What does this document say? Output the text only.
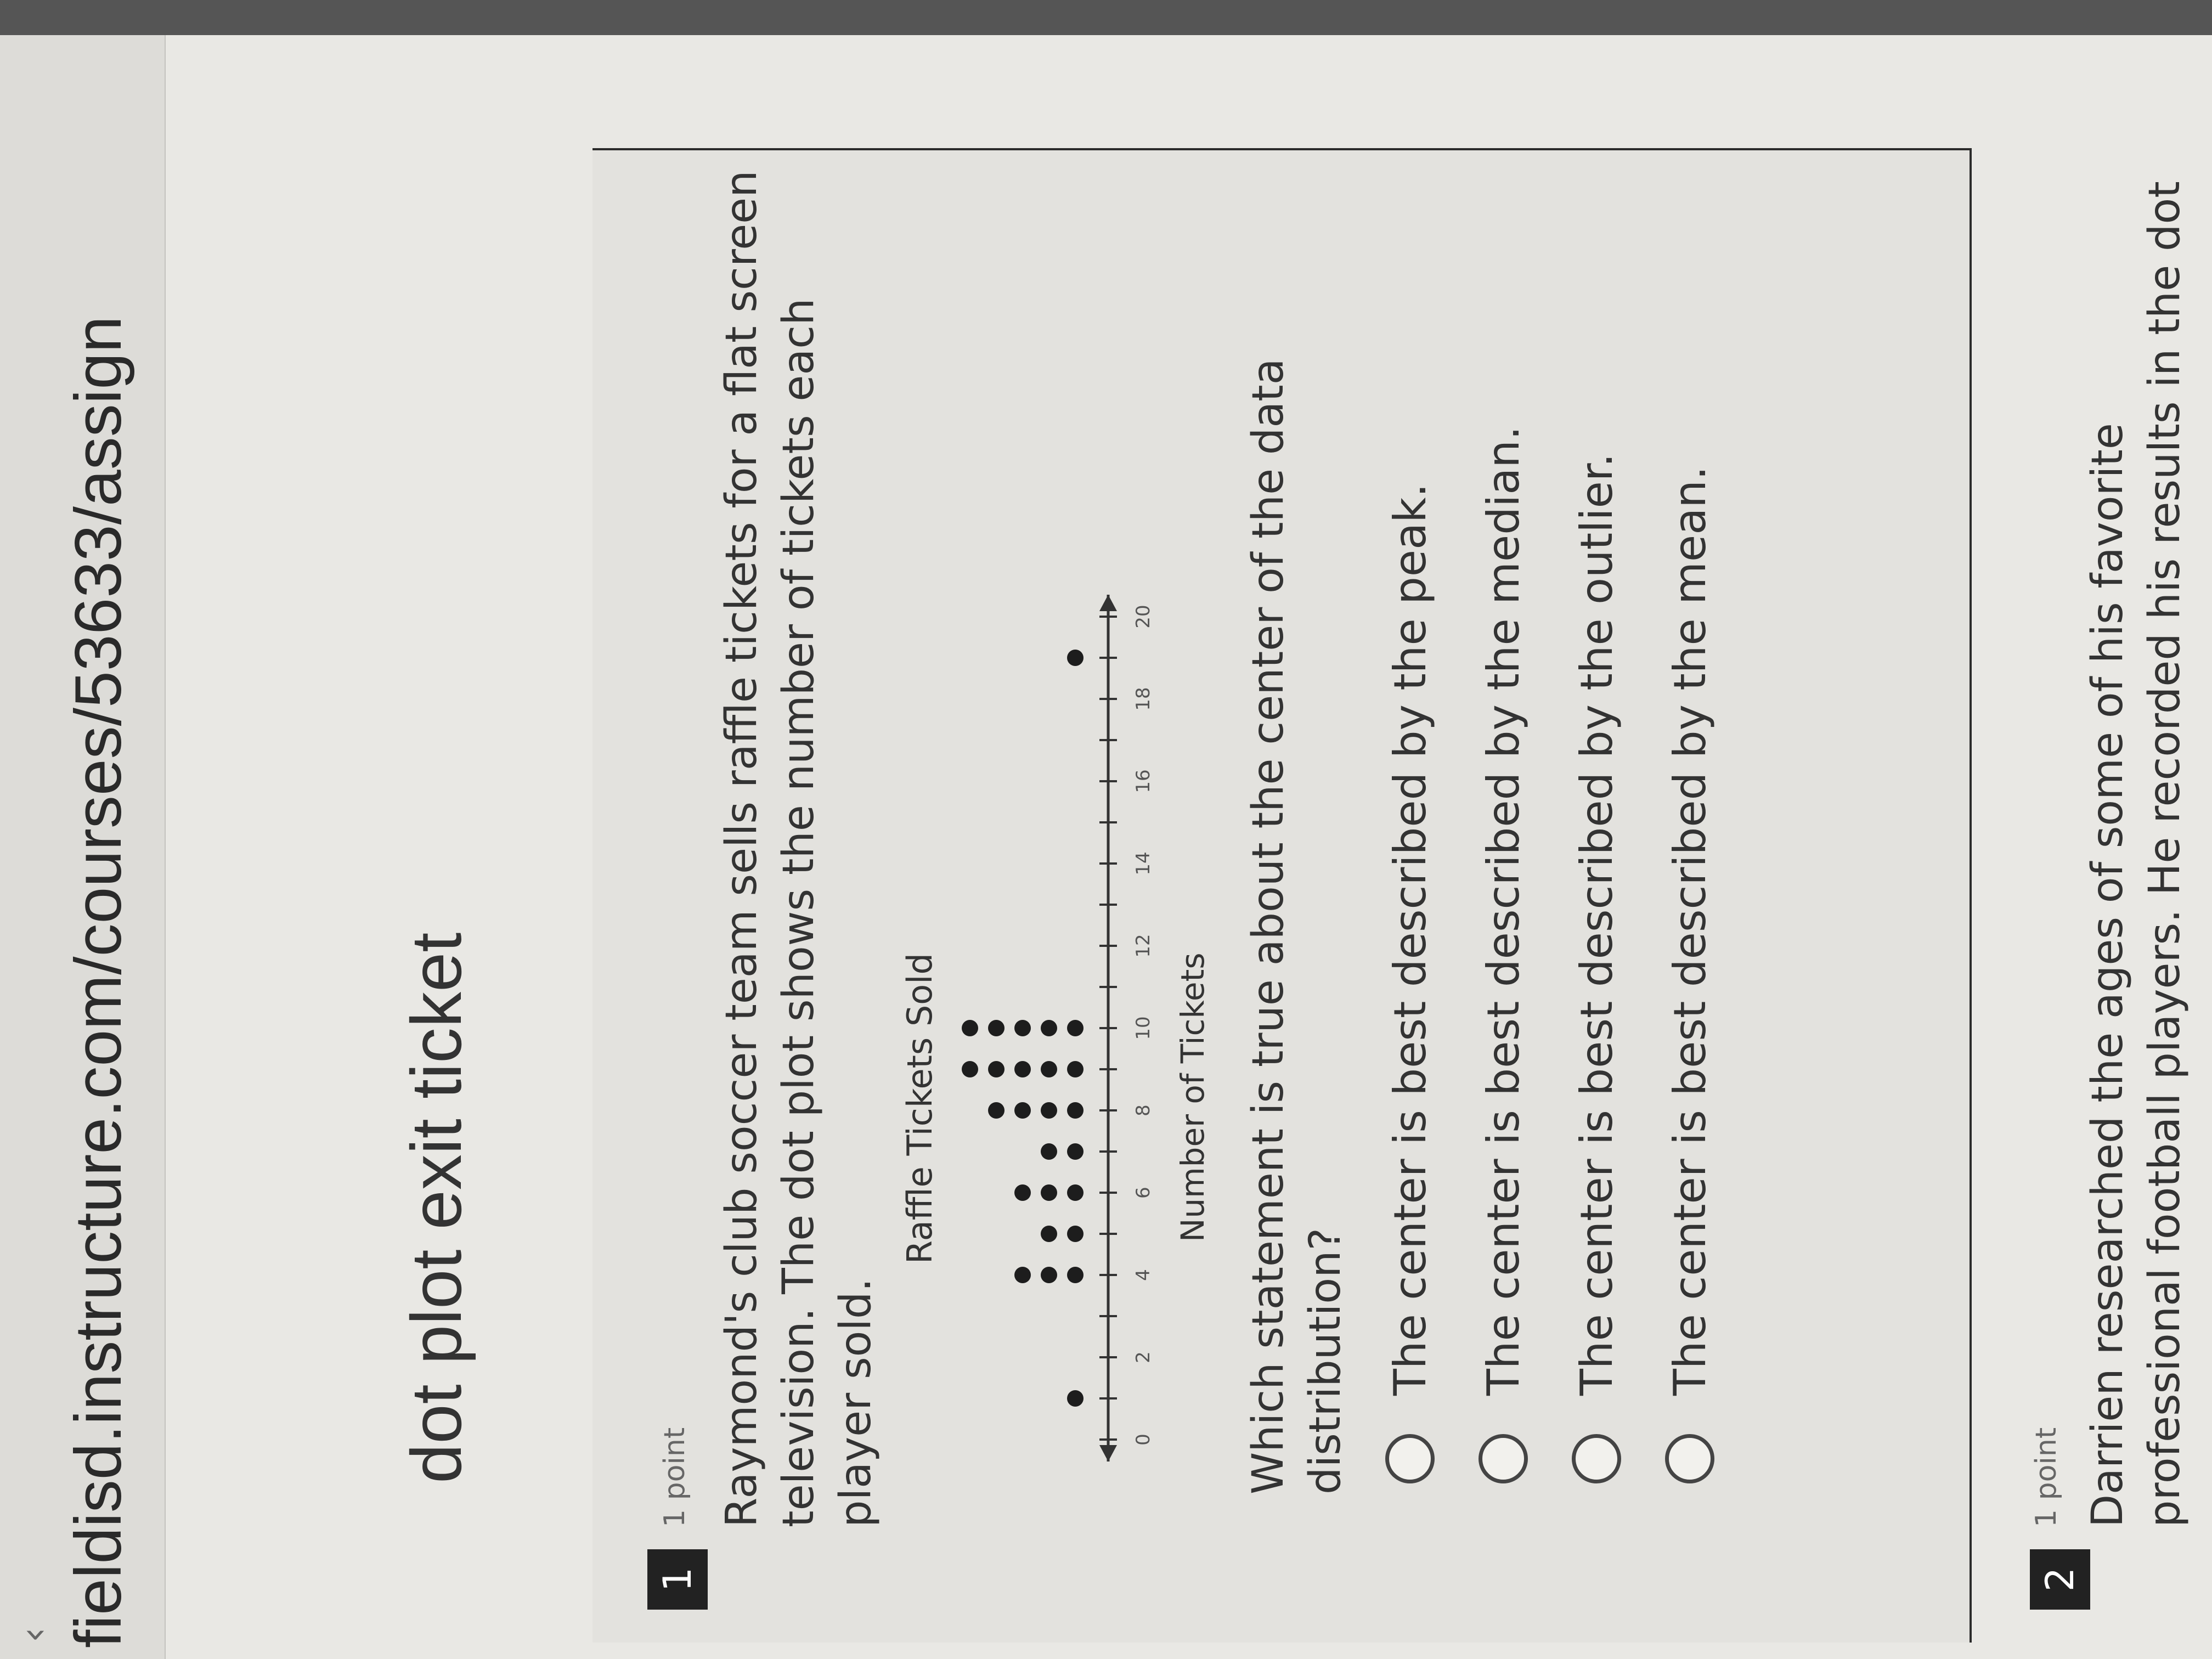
‹ fieldisd.instructure.com/courses/53633/assign	dot plot exit ticket
1
1 point Raymond's club soccer team sells raffle tickets for a flat screen television. The dot plot shows the number of tickets each player sold.
Raffle Tickets Sold
0
2
4
6
8
10
12
14
16
18
20
Number of Tickets Which statement is true about the center of the data distribution? The center is best described by the peak. The center is best described by the median. The center is best described by the outlier. The center is best described by the mean.
2
1 point Darrien researched the ages of some of his favorite professional football players. He recorded his results in the dot
